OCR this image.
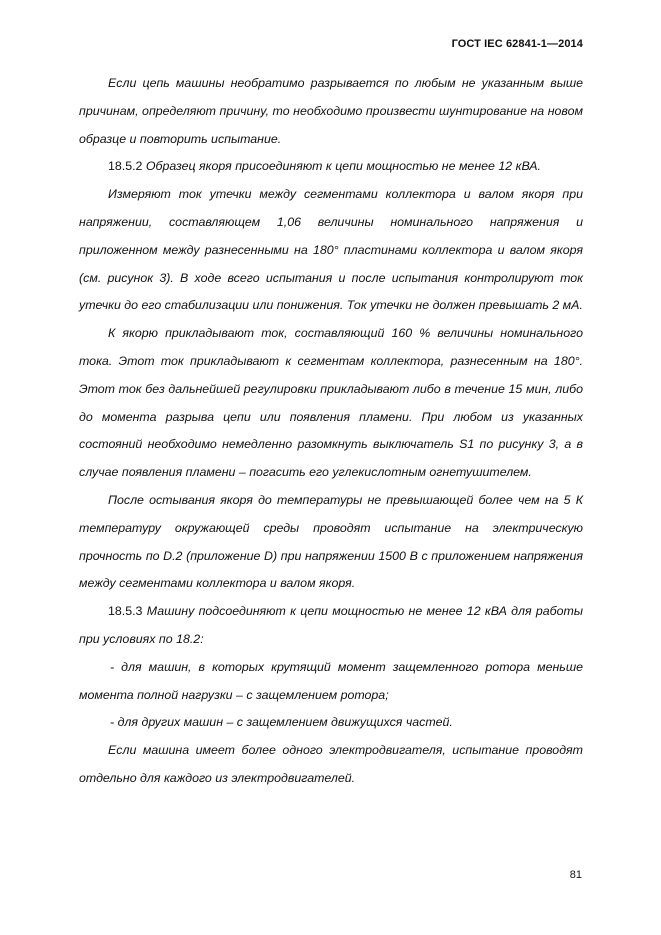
ГОСТ IEC 62841-1—2014

Если цепь машины необратимо разрывается по любым не указанным выше причинам, определяют причину, то необходимо произвести шунтирование на новом образце и повторить испытание.

18.5.2 Образец якоря присоединяют к цепи мощностью не менее 12 кВА.

Измеряют ток утечки между сегментами коллектора и валом якоря при напряжении, составляющем 1,06 величины номинального напряжения и приложенном между разнесенными на 180° пластинами коллектора и валом якоря (см. рисунок 3). В ходе всего испытания и после испытания контролируют ток утечки до его стабилизации или понижения. Ток утечки не должен превышать 2 мА.

К якорю прикладывают ток, составляющий 160 % величины номинального тока. Этот ток прикладывают к сегментам коллектора, разнесенным на 180°. Этот ток без дальнейшей регулировки прикладывают либо в течение 15 мин, либо до момента разрыва цепи или появления пламени. При любом из указанных состояний необходимо немедленно разомкнуть выключатель S1 по рисунку 3, а в случае появления пламени – погасить его углекислотным огнетушителем.

После остывания якоря до температуры не превышающей более чем на 5 К температуру окружающей среды проводят испытание на электрическую прочность по D.2 (приложение D) при напряжении 1500 В с приложением напряжения между сегментами коллектора и валом якоря.

18.5.3 Машину подсоединяют к цепи мощностью не менее 12 кВА для работы при условиях по 18.2:

- для машин, в которых крутящий момент защемленного ротора меньше момента полной нагрузки – с защемлением ротора;

- для других машин – с защемлением движущихся частей.

Если машина имеет более одного электродвигателя, испытание проводят отдельно для каждого из электродвигателей.

81
